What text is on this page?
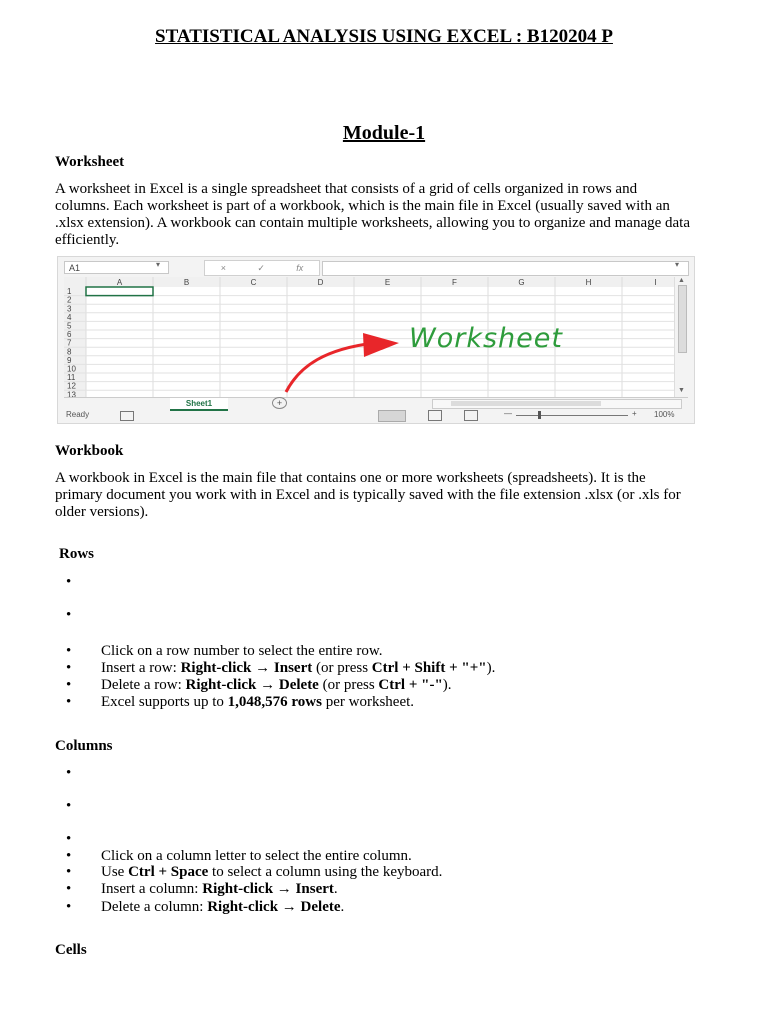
STATISTICAL ANALYSIS USING EXCEL : B120204 P
Module-1
Worksheet
A worksheet in Excel is a single spreadsheet that consists of a grid of cells organized in rows and
columns. Each worksheet is part of a workbook, which is the main file in Excel (usually saved with an
.xlsx extension). A workbook can contain multiple worksheets, allowing you to organize and manage data
efficiently.
A1	▾	×	✓	fx	▾
A	B	C	D	E	F	G	H	I
1
2
3
4
5
6
7
8
9
10
11
12
13
Worksheet
▲
▼
Sheet1	+
Ready	—	+ 100%
Workbook
A workbook in Excel is the main file that contains one or more worksheets (spreadsheets). It is the
primary document you work with in Excel and is typically saved with the file extension .xlsx (or .xls for
older versions).
Rows
•
•
•
Click on a row number to select the entire row.
•
Insert a row: Right-click → Insert (or press Ctrl + Shift + "+").
•
Delete a row: Right-click → Delete (or press Ctrl + "-").
•
Excel supports up to 1,048,576 rows per worksheet.
Columns
•
•
•
•
Click on a column letter to select the entire column.
•
Use Ctrl + Space to select a column using the keyboard.
•
Insert a column: Right-click → Insert.
•
Delete a column: Right-click → Delete.
Cells
